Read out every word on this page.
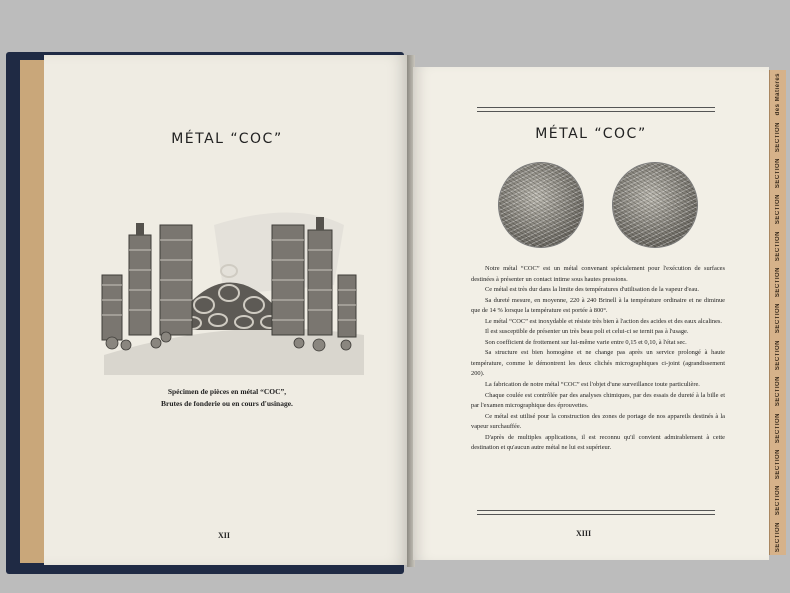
MÉTAL “COC”
Spécimen de pièces en métal “COC”,
Brutes de fonderie ou en cours d'usinage.
XII
MÉTAL “COC”

Notre métal “COC” est un métal convenant spécialement pour l'exécution de surfaces destinées à présenter un contact intime sous hautes pressions.

Ce métal est très dur dans la limite des températures d'utilisation de la vapeur d'eau.

Sa dureté mesure, en moyenne, 220 à 240 Brinell à la température ordinaire et ne diminue que de 14 % lorsque la température est portée à 800°.

Le métal “COC” est inoxydable et résiste très bien à l'action des acides et des eaux alcalines.

Il est susceptible de présenter un très beau poli et celui-ci se ternit pas à l'usage.

Son coefficient de frottement sur lui-même varie entre 0,15 et 0,10, à l'état sec.

Sa structure est bien homogène et ne change pas après un service prolongé à haute température, comme le démontrent les deux clichés micrographiques ci-joint (agrandissement 200).

La fabrication de notre métal “COC” est l'objet d'une surveillance toute particulière.

Chaque coulée est contrôlée par des analyses chimiques, par des essais de dureté à la bille et par l'examen micrographique des éprouvettes.

Ce métal est utilisé pour la construction des zones de portage de nos appareils destinés à la vapeur surchauffée.

D'après de multiples applications, il est reconnu qu'il convient admirablement à cette destination et qu'aucun autre métal ne lui est supérieur.

XIII
des Matières
SECTION
SECTION
SECTION
SECTION
SECTION
SECTION
SECTION
SECTION
SECTION
SECTION
SECTION
SECTION
